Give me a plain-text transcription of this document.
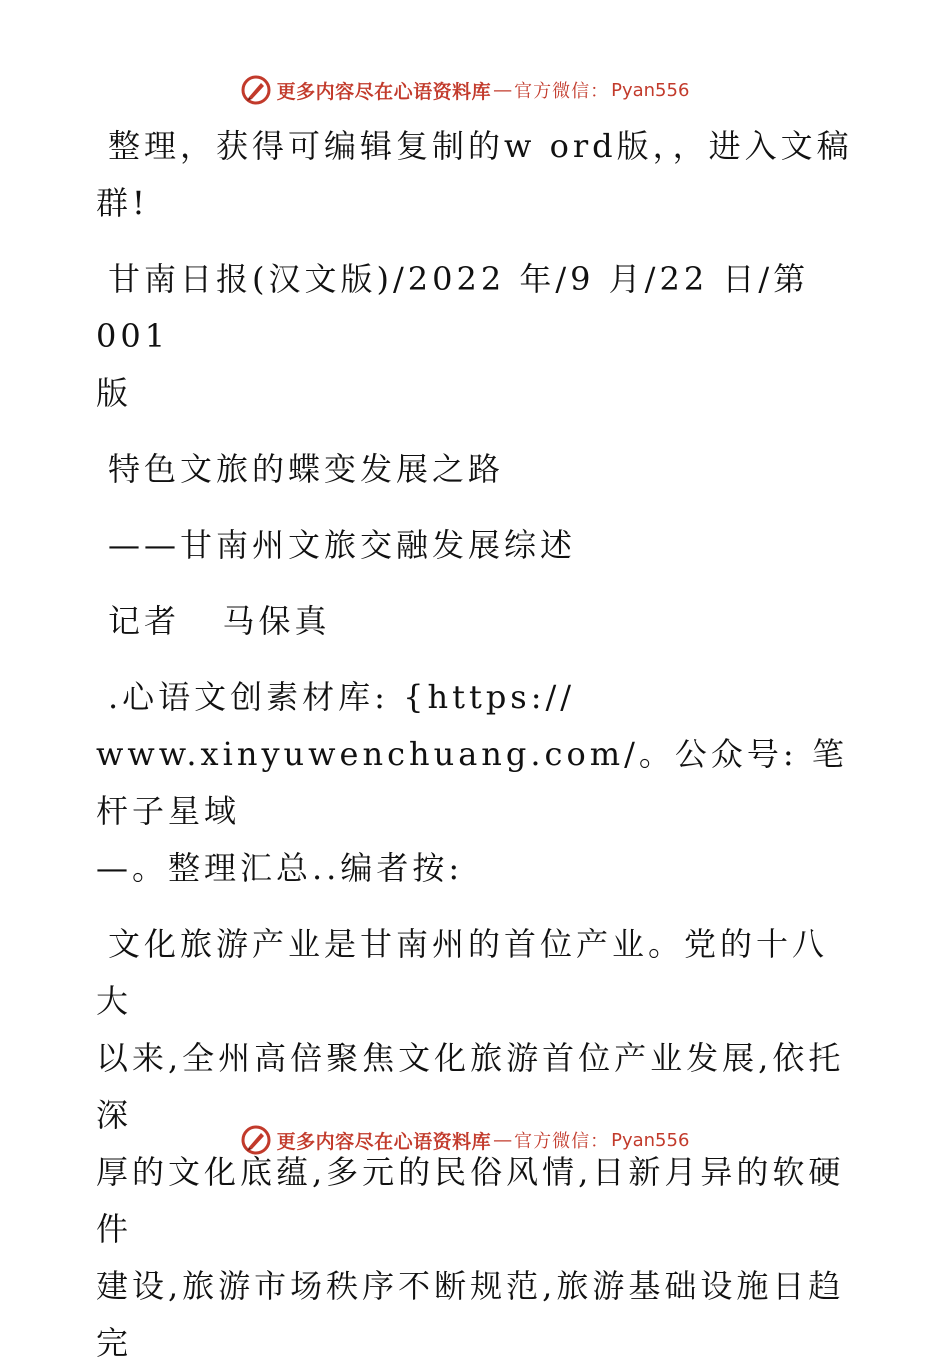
更多内容尽在心语资料库 — 官方微信： Pyan556

整理，获得可编辑复制的w ord版，，进入文稿
群!

甘南日报(汉文版)/2022 年/9 月/22 日/第 001
版

特色文旅的蝶变发展之路

——甘南州文旅交融发展综述

记者   马保真

.心语文创素材库: {https://
www.xinyuwenchuang.com/。公众号: 笔杆子星域
—。整理汇总..编者按:

文化旅游产业是甘南州的首位产业。党的十八大
以来,全州高倍聚焦文化旅游首位产业发展,依托深
厚的文化底蕴,多元的民俗风情,日新月异的软硬件
建设,旅游市场秩序不断规范,旅游基础设施日趋完

更多内容尽在心语资料库 — 官方微信： Pyan556
